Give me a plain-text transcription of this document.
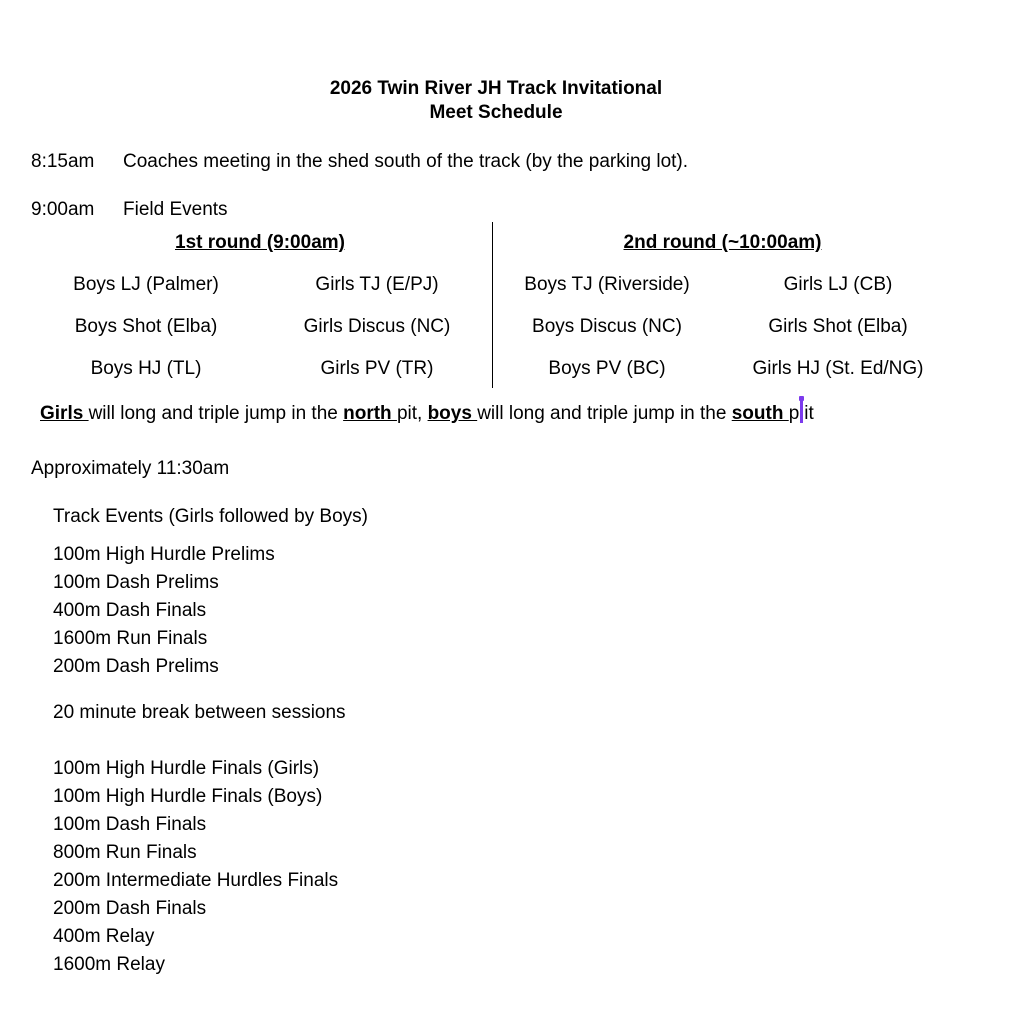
2026 Twin River JH Track Invitational
Meet Schedule
8:15am Coaches meeting in the shed south of the track (by the parking lot).
9:00am Field Events
1st round (9:00am)	2nd round (~10:00am)
Boys LJ (Palmer)
Boys Shot (Elba)
Boys HJ (TL)
Girls TJ (E/PJ)
Girls Discus (NC)
Girls PV (TR)
Boys TJ (Riverside)
Boys Discus (NC)
Boys PV (BC)
Girls LJ (CB)
Girls Shot (Elba)
Girls HJ (St. Ed/NG)
Girls will long and triple jump in the north pit, boys will long and triple jump in the south p it
Approximately 11:30am
Track Events (Girls followed by Boys)
100m High Hurdle Prelims
100m Dash Prelims
400m Dash Finals
1600m Run Finals
200m Dash Prelims
20 minute break between sessions
100m High Hurdle Finals (Girls)
100m High Hurdle Finals (Boys)
100m Dash Finals
800m Run Finals
200m Intermediate Hurdles Finals
200m Dash Finals
400m Relay
1600m Relay
